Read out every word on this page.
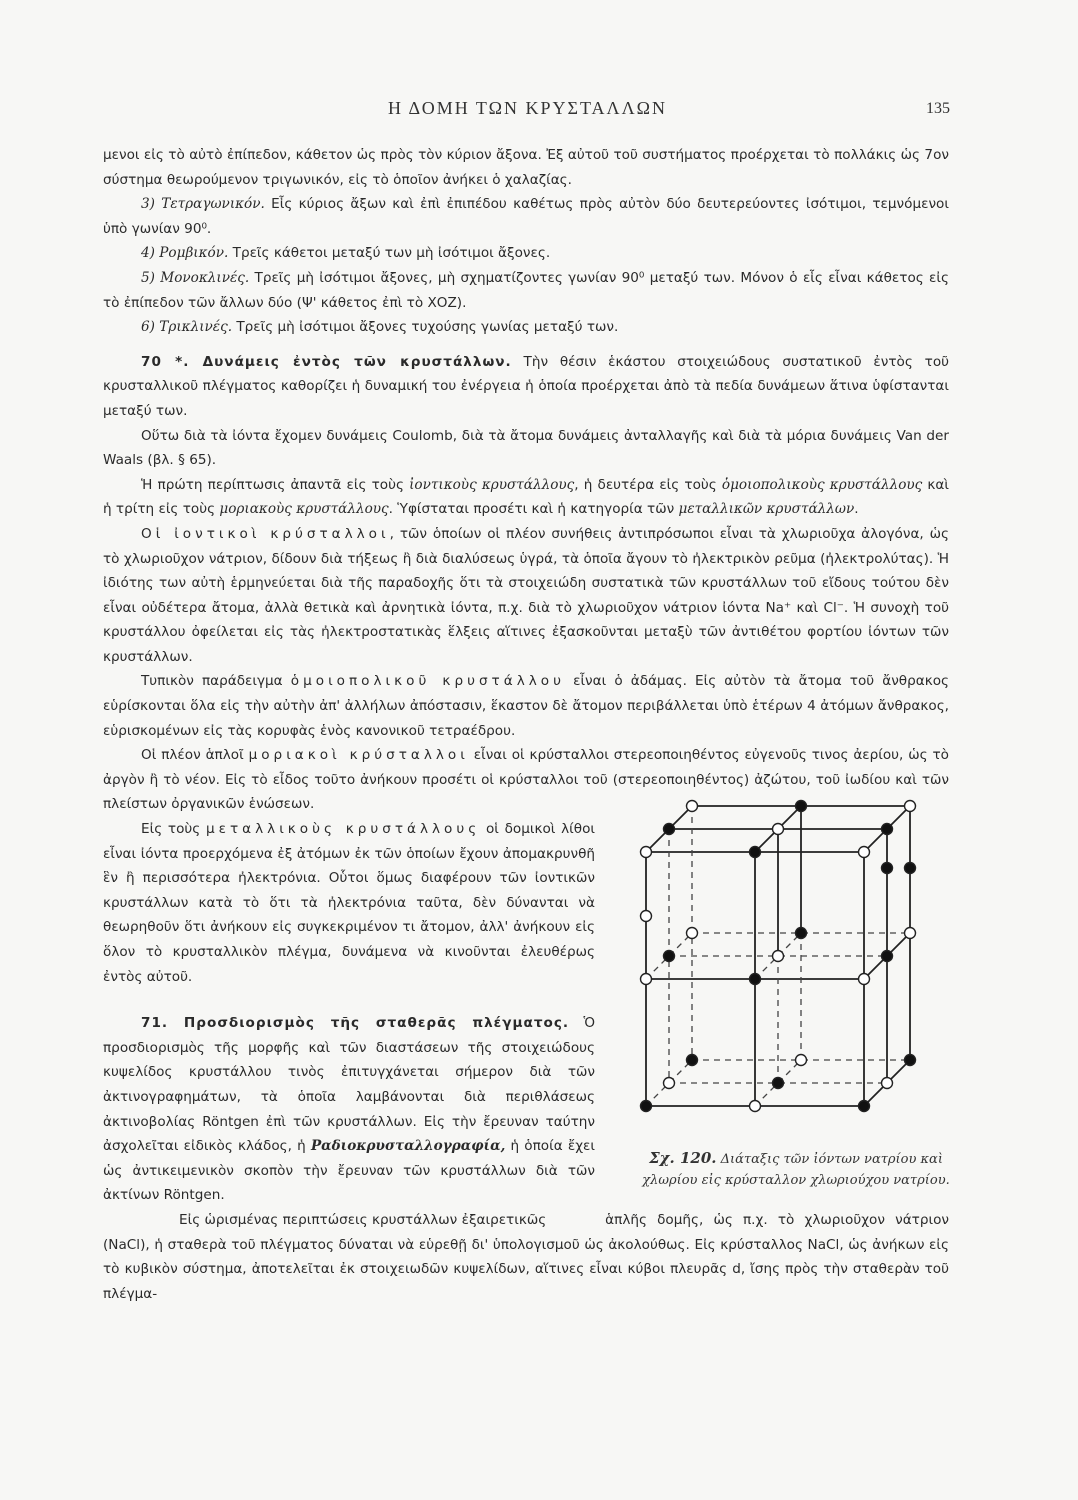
Η ΔΟΜΗ ΤΩΝ ΚΡΥΣΤΑΛΛΩΝ	135

μενοι εἰς τὸ αὐτὸ ἐπίπεδον, κάθετον ὡς πρὸς τὸν κύριον ἄξονα. Ἐξ αὐτοῦ τοῦ συστήματος προέρχεται τὸ πολλάκις ὡς 7ον σύστημα θεωρούμενον τριγωνικόν, εἰς τὸ ὁποῖον ἀνήκει ὁ χαλαζίας.

3) Τετραγωνικόν. Εἷς κύριος ἄξων καὶ ἐπὶ ἐπιπέδου καθέτως πρὸς αὐτὸν δύο δευτερεύοντες ἰσότιμοι, τεμνόμενοι ὑπὸ γωνίαν 90⁰.

4) Ρομβικόν. Τρεῖς κάθετοι μεταξύ των μὴ ἰσότιμοι ἄξονες.

5) Μονοκλινές. Τρεῖς μὴ ἰσότιμοι ἄξονες, μὴ σχηματίζοντες γωνίαν 90⁰ μεταξύ των. Μόνον ὁ εἷς εἶναι κάθετος εἰς τὸ ἐπίπεδον τῶν ἄλλων δύο (Ψ' κάθετος ἐπὶ τὸ ΧΟΖ).

6) Τρικλινές. Τρεῖς μὴ ἰσότιμοι ἄξονες τυχούσης γωνίας μεταξύ των.

70 *. Δυνάμεις ἐντὸς τῶν κρυστάλλων. Τὴν θέσιν ἑκάστου στοιχειώδους συστατικοῦ ἐντὸς τοῦ κρυσταλλικοῦ πλέγματος καθορίζει ἡ δυναμική του ἐνέργεια ἡ ὁποία προέρχεται ἀπὸ τὰ πεδία δυνάμεων ἅτινα ὑφίστανται μεταξύ των.

Οὕτω διὰ τὰ ἰόντα ἔχομεν δυνάμεις Coulomb, διὰ τὰ ἄτομα δυνάμεις ἀνταλλαγῆς καὶ διὰ τὰ μόρια δυνάμεις Van der Waals (βλ. § 65).

Ἡ πρώτη περίπτωσις ἀπαντᾶ εἰς τοὺς ἰοντικοὺς κρυστάλλους, ἡ δευτέρα εἰς τοὺς ὁμοιοπολικοὺς κρυστάλλους καὶ ἡ τρίτη εἰς τοὺς μοριακοὺς κρυστάλλους. Ὑφίσταται προσέτι καὶ ἡ κατηγορία τῶν μεταλλικῶν κρυστάλλων.

Οἱ ἰοντικοὶ κρύσταλλοι, τῶν ὁποίων οἱ πλέον συνήθεις ἀντιπρόσωποι εἶναι τὰ χλωριοῦχα ἀλογόνα, ὡς τὸ χλωριοῦχον νάτριον, δίδουν διὰ τήξεως ἢ διὰ διαλύσεως ὑγρά, τὰ ὁποῖα ἄγουν τὸ ἠλεκτρικὸν ρεῦμα (ἠλεκτρολύτας). Ἡ ἰδιότης των αὐτὴ ἑρμηνεύεται διὰ τῆς παραδοχῆς ὅτι τὰ στοιχειώδη συστατικὰ τῶν κρυστάλλων τοῦ εἴδους τούτου δὲν εἶναι οὐδέτερα ἄτομα, ἀλλὰ θετικὰ καὶ ἀρνητικὰ ἰόντα, π.χ. διὰ τὸ χλωριοῦχον νάτριον ἰόντα Na⁺ καὶ Cl⁻. Ἡ συνοχὴ τοῦ κρυστάλλου ὀφείλεται εἰς τὰς ἠλεκτροστατικὰς ἕλξεις αἵτινες ἐξασκοῦνται μεταξὺ τῶν ἀντιθέτου φορτίου ἰόντων τῶν κρυστάλλων.

Τυπικὸν παράδειγμα ὁμοιοπολικοῦ κρυστάλλου εἶναι ὁ ἀδάμας. Εἰς αὐτὸν τὰ ἄτομα τοῦ ἄνθρακος εὑρίσκονται ὅλα εἰς τὴν αὐτὴν ἀπ' ἀλλήλων ἀπόστασιν, ἕκαστον δὲ ἄτομον περιβάλλεται ὑπὸ ἑτέρων 4 ἀτόμων ἄνθρακος, εὑρισκομένων εἰς τὰς κορυφὰς ἑνὸς κανονικοῦ τετραέδρου.

Οἱ πλέον ἁπλοῖ μοριακοὶ κρύσταλλοι εἶναι οἱ κρύσταλλοι στερεοποιηθέντος εὐγενοῦς τινος ἀερίου, ὡς τὸ ἀργὸν ἢ τὸ νέον. Εἰς τὸ εἶδος τοῦτο ἀνήκουν προσέτι οἱ κρύσταλλοι τοῦ (στερεοποιηθέντος) ἀζώτου, τοῦ ἰωδίου καὶ τῶν πλείστων ὀργανικῶν ἑνώσεων.

Εἰς τοὺς μεταλλικοὺς κρυστάλλους οἱ δομικοὶ λίθοι εἶναι ἰόντα προερχόμενα ἐξ ἀτόμων ἐκ τῶν ὁποίων ἔχουν ἀπομακρυνθῆ ἓν ἢ περισσότερα ἠλεκτρόνια. Οὗτοι ὅμως διαφέρουν τῶν ἰοντικῶν κρυστάλλων κατὰ τὸ ὅτι τὰ ἠλεκτρόνια ταῦτα, δὲν δύνανται νὰ θεωρηθοῦν ὅτι ἀνήκουν εἰς συγκεκριμένον τι ἄτομον, ἀλλ' ἀνήκουν εἰς ὅλον τὸ κρυσταλλικὸν πλέγμα, δυνάμενα νὰ κινοῦνται ἐλευθέρως ἐντὸς αὐτοῦ.

71. Προσδιορισμὸς τῆς σταθερᾶς πλέγματος. Ὁ προσδιορισμὸς τῆς μορφῆς καὶ τῶν διαστάσεων τῆς στοιχειώδους κυψελίδος κρυστάλλου τινὸς ἐπιτυγχάνεται σήμερον διὰ τῶν ἀκτινογραφημάτων, τὰ ὁποῖα λαμβάνονται διὰ περιθλάσεως ἀκτινοβολίας Röntgen ἐπὶ τῶν κρυστάλλων. Εἰς τὴν ἔρευναν ταύτην ἀσχολεῖται εἰδικὸς κλάδος, ἡ Ραδιοκρυσταλλογραφία, ἡ ὁποία ἔχει ὡς ἀντικειμενικὸν σκοπὸν τὴν ἔρευναν τῶν κρυστάλλων διὰ τῶν ἀκτίνων Röntgen.

Εἰς ὡρισμένας περιπτώσεις κρυστάλλων ἐξαιρετικῶς	ἁπλῆς δομῆς, ὡς π.χ. τὸ χλωριοῦχον νάτριον (NaCl), ἡ σταθερὰ τοῦ πλέγματος δύναται νὰ εὑρεθῇ δι' ὑπολογισμοῦ ὡς ἀκολούθως. Εἰς κρύσταλλος NaCl, ὡς ἀνήκων εἰς τὸ κυβικὸν σύστημα, ἀποτελεῖται ἐκ στοιχειωδῶν κυψελίδων, αἵτινες εἶναι κύβοι πλευρᾶς d, ἴσης πρὸς τὴν σταθερὰν τοῦ πλέγμα-

Σχ. 120. Διάταξις τῶν ἰόντων νατρίου καὶ χλωρίου εἰς κρύσταλλον χλωριούχου νατρίου.
